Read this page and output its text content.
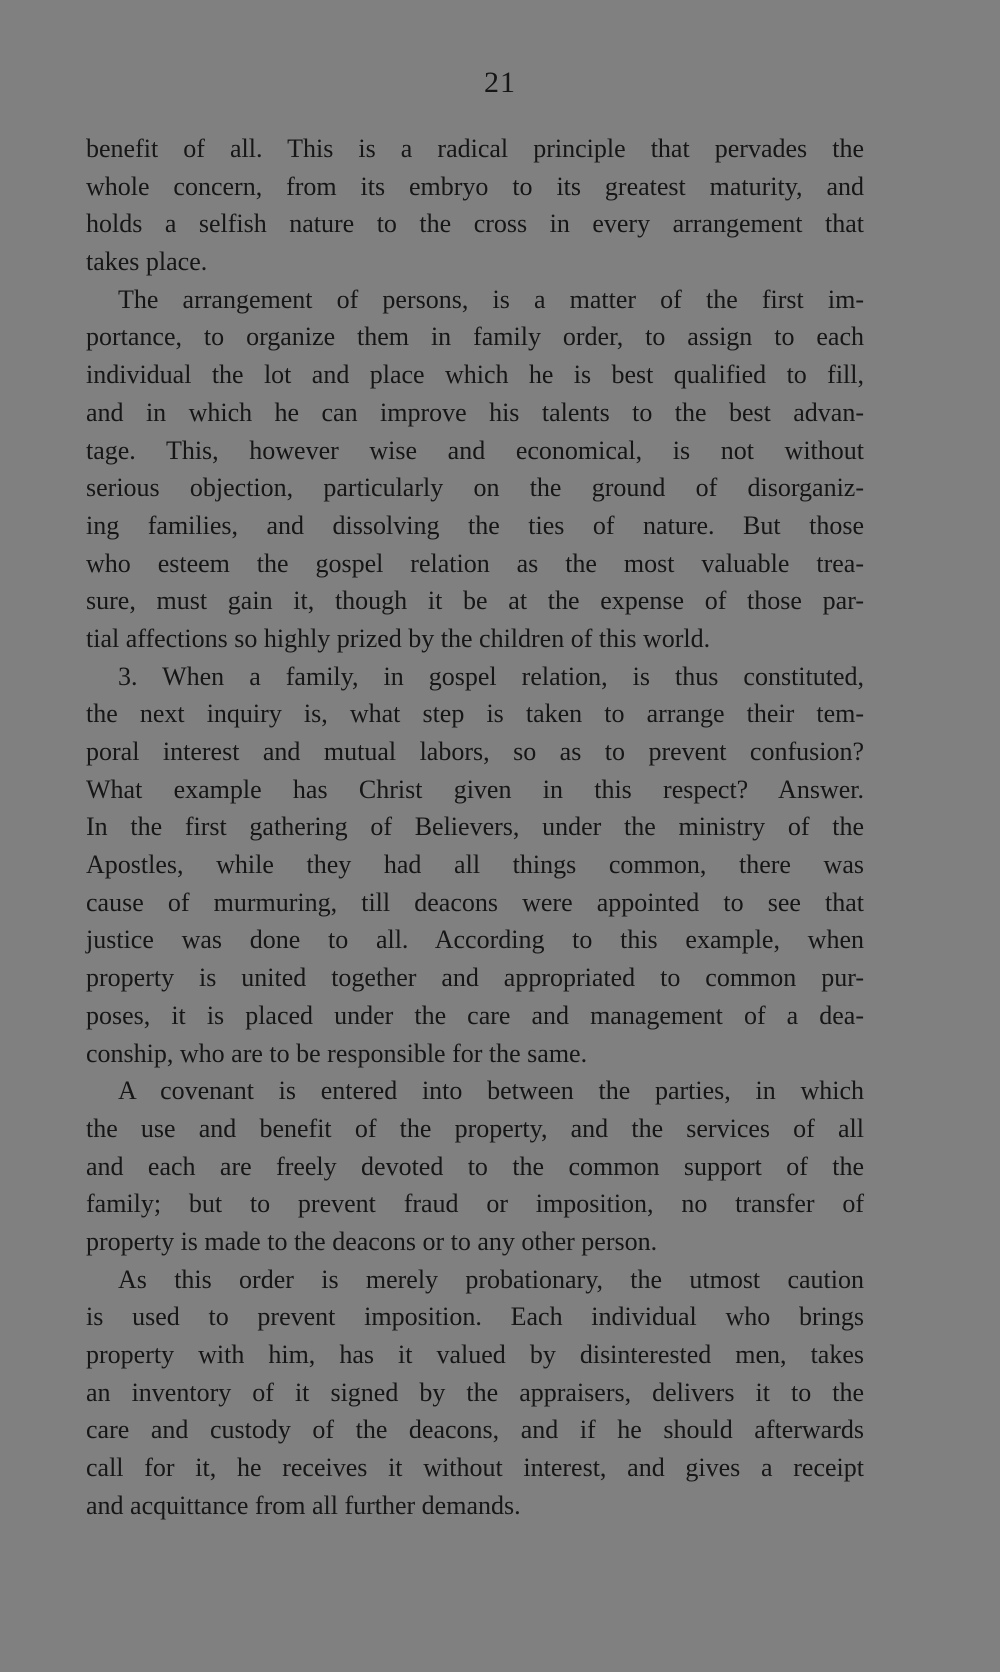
21
benefit of all. This is a radical principle that pervades the
whole concern, from its embryo to its greatest maturity, and
holds a selfish nature to the cross in every arrangement that
takes place.
The arrangement of persons, is a matter of the first im-
portance, to organize them in family order, to assign to each
individual the lot and place which he is best qualified to fill,
and in which he can improve his talents to the best advan-
tage. This, however wise and economical, is not without
serious objection, particularly on the ground of disorganiz-
ing families, and dissolving the ties of nature. But those
who esteem the gospel relation as the most valuable trea-
sure, must gain it, though it be at the expense of those par-
tial affections so highly prized by the children of this world.
3. When a family, in gospel relation, is thus constituted,
the next inquiry is, what step is taken to arrange their tem-
poral interest and mutual labors, so as to prevent confusion?
What example has Christ given in this respect? Answer.
In the first gathering of Believers, under the ministry of the
Apostles, while they had all things common, there was
cause of murmuring, till deacons were appointed to see that
justice was done to all. According to this example, when
property is united together and appropriated to common pur-
poses, it is placed under the care and management of a dea-
conship, who are to be responsible for the same.
A covenant is entered into between the parties, in which
the use and benefit of the property, and the services of all
and each are freely devoted to the common support of the
family; but to prevent fraud or imposition, no transfer of
property is made to the deacons or to any other person.
As this order is merely probationary, the utmost caution
is used to prevent imposition. Each individual who brings
property with him, has it valued by disinterested men, takes
an inventory of it signed by the appraisers, delivers it to the
care and custody of the deacons, and if he should afterwards
call for it, he receives it without interest, and gives a receipt
and acquittance from all further demands.
